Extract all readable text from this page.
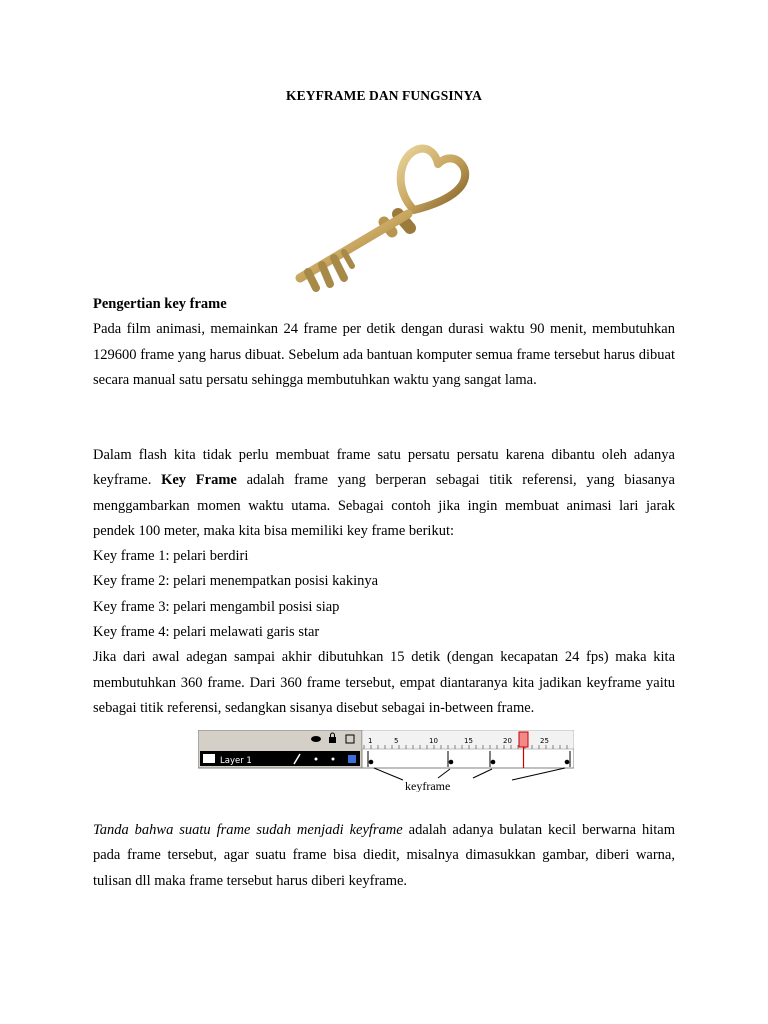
KEYFRAME DAN FUNGSINYA

Pengertian key frame

Pada film animasi, memainkan 24 frame per detik dengan durasi waktu 90 menit, membutuhkan 129600 frame yang harus dibuat. Sebelum ada bantuan komputer semua frame tersebut harus dibuat secara manual satu persatu sehingga membutuhkan waktu yang sangat lama.

Dalam flash kita tidak perlu membuat frame satu persatu persatu karena dibantu oleh adanya keyframe. Key Frame adalah frame yang berperan sebagai titik referensi, yang biasanya menggambarkan momen waktu utama. Sebagai contoh jika ingin membuat animasi lari jarak pendek 100 meter, maka kita bisa memiliki key frame berikut:

Key frame 1: pelari berdiri

Key frame 2: pelari menempatkan posisi kakinya

Key frame 3: pelari mengambil posisi siap

Key frame 4: pelari melawati garis star

Jika dari awal adegan sampai akhir dibutuhkan 15 detik (dengan kecapatan 24 fps) maka kita membutuhkan 360 frame. Dari 360 frame tersebut, empat diantaranya kita jadikan keyframe yaitu sebagai titik referensi, sedangkan sisanya disebut sebagai in-between frame.

Layer 1
1	5	10	15	20	25
keyframe

Tanda bahwa suatu frame sudah menjadi keyframe adalah adanya bulatan kecil berwarna hitam pada frame tersebut, agar suatu frame bisa diedit, misalnya dimasukkan gambar, diberi warna, tulisan dll maka frame tersebut harus diberi keyframe.
